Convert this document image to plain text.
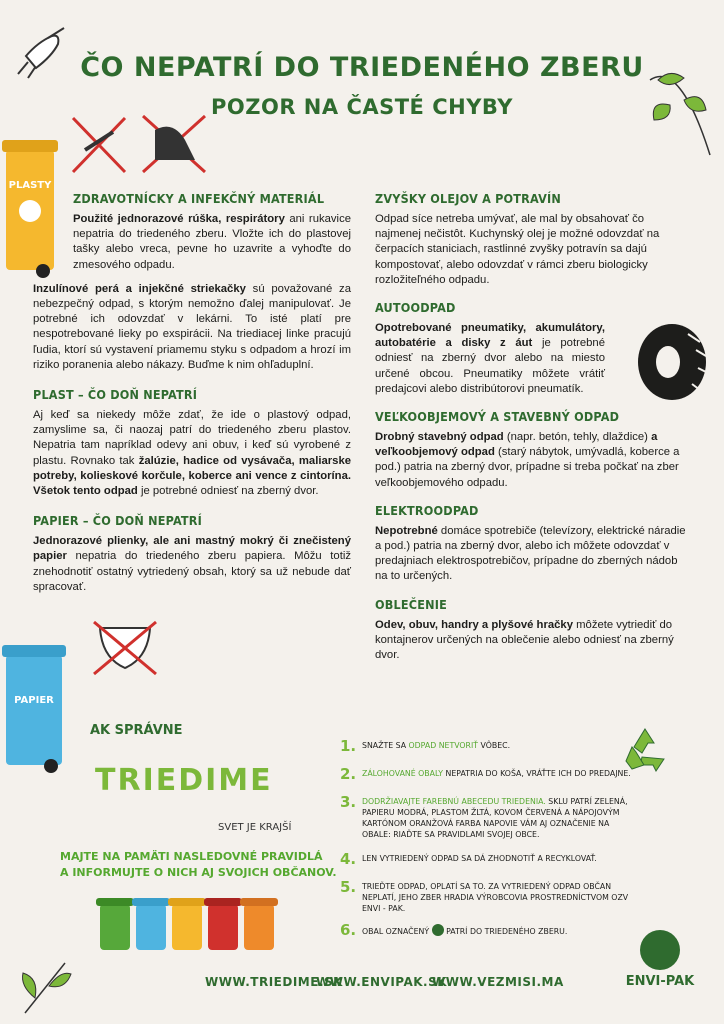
ČO NEPATRÍ DO TRIEDENÉHO ZBERU
POZOR NA ČASTÉ CHYBY
PLASTY
ZDRAVOTNÍCKY A INFEKČNÝ MATERIÁL

Použité jednorazové rúška, respirátory ani rukavice nepatria do triedeného zberu. Vložte ich do plastovej tašky alebo vreca, pevne ho uzavrite a vyhoďte do zmesového odpadu.

Inzulínové perá a injekčné striekačky sú považované za nebezpečný odpad, s ktorým nemožno ďalej manipulovať. Je potrebné ich odovzdať v lekárni. To isté platí pre nespotrebované lieky po exspirácii. Na triediacej linke pracujú ľudia, ktorí sú vystavení priamemu styku s odpadom a hrozí im riziko poranenia alebo nákazy. Buďme k nim ohľaduplní.

PLAST – ČO DOŇ NEPATRÍ

Aj keď sa niekedy môže zdať, že ide o plastový odpad, zamyslime sa, či naozaj patrí do triedeného zberu plastov. Nepatria tam napríklad odevy ani obuv, i keď sú vyrobené z plastu. Rovnako tak žalúzie, hadice od vysávača, maliarske potreby, kolieskové korčule, koberce ani vence z cintorína. Všetok tento odpad je potrebné odniesť na zberný dvor.

PAPIER – ČO DOŇ NEPATRÍ

Jednorazové plienky, ale ani mastný mokrý či znečistený papier nepatria do triedeného zberu papiera. Môžu totiž znehodnotiť ostatný vytriedený obsah, ktorý sa už nebude dať spracovať.

PAPIER
ZVYŠKY OLEJOV A POTRAVÍN

Odpad síce netreba umývať, ale mal by obsahovať čo najmenej nečistôt. Kuchynský olej je možné odovzdať na čerpacích staniciach, rastlinné zvyšky potravín sa dajú kompostovať, alebo odovzdať v rámci zberu biologicky rozložiteľného odpadu.

AUTOODPAD

Opotrebované pneumatiky, akumulátory, autobatérie a disky z áut je potrebné odniesť na zberný dvor alebo na miesto určené obcou. Pneumatiky môžete vrátiť predajcovi alebo distribútorovi pneumatík.

VEĽKOOBJEMOVÝ A STAVEBNÝ ODPAD

Drobný stavebný odpad (napr. betón, tehly, dlaždice) a veľkoobjemový odpad (starý nábytok, umývadlá, koberce a pod.) patria na zberný dvor, prípadne si treba počkať na zber veľkoobjemového odpadu.

ELEKTROODPAD

Nepotrebné domáce spotrebiče (televízory, elektrické náradie a pod.) patria na zberný dvor, alebo ich môžete odovzdať v predajniach elektrospotrebičov, prípadne do zberných nádob na to určených.

OBLEČENIE

Odev, obuv, handry a plyšové hračky môžete vytriediť do kontajnerov určených na oblečenie alebo odniesť na zberný dvor.

AK SPRÁVNE
TRIEDIME
SVET JE KRAJŠÍ
MAJTE NA PAMÄTI NASLEDOVNÉ PRAVIDLÁ
A INFORMUJTE O NICH AJ SVOJICH OBČANOV.
1. SNAŽTE SA ODPAD NETVORIŤ VÔBEC.
2. ZÁLOHOVANÉ OBALY NEPATRIA DO KOŠA, VRÁŤTE ICH DO PREDAJNE.
3. DODRŽIAVAJTE FAREBNÚ ABECEDU TRIEDENIA. SKLU PATRÍ ZELENÁ, PAPIERU MODRÁ, PLASTOM ŽLTÁ, KOVOM ČERVENÁ A NÁPOJOVÝM KARTÓNOM ORANŽOVÁ FARBA NAPOVIE VÁM AJ OZNAČENIE NA OBALE: RIAĎTE SA PRAVIDLAMI SVOJEJ OBCE.
4. LEN VYTRIEDENÝ ODPAD SA DÁ ZHODNOTIŤ A RECYKLOVAŤ.
5. TRIEĎTE ODPAD, OPLATÍ SA TO. ZA VYTRIEDENÝ ODPAD OBČAN NEPLATÍ, JEHO ZBER HRADIA VÝROBCOVIA PROSTREDNÍCTVOM OZV ENVI - PAK.
6. OBAL OZNAČENÝ  PATRÍ DO TRIEDENÉHO ZBERU.
WWW.TRIEDIME.SK
WWW.ENVIPAK.SK
WWW.VEZMISI.MA	ENVI-PAK
